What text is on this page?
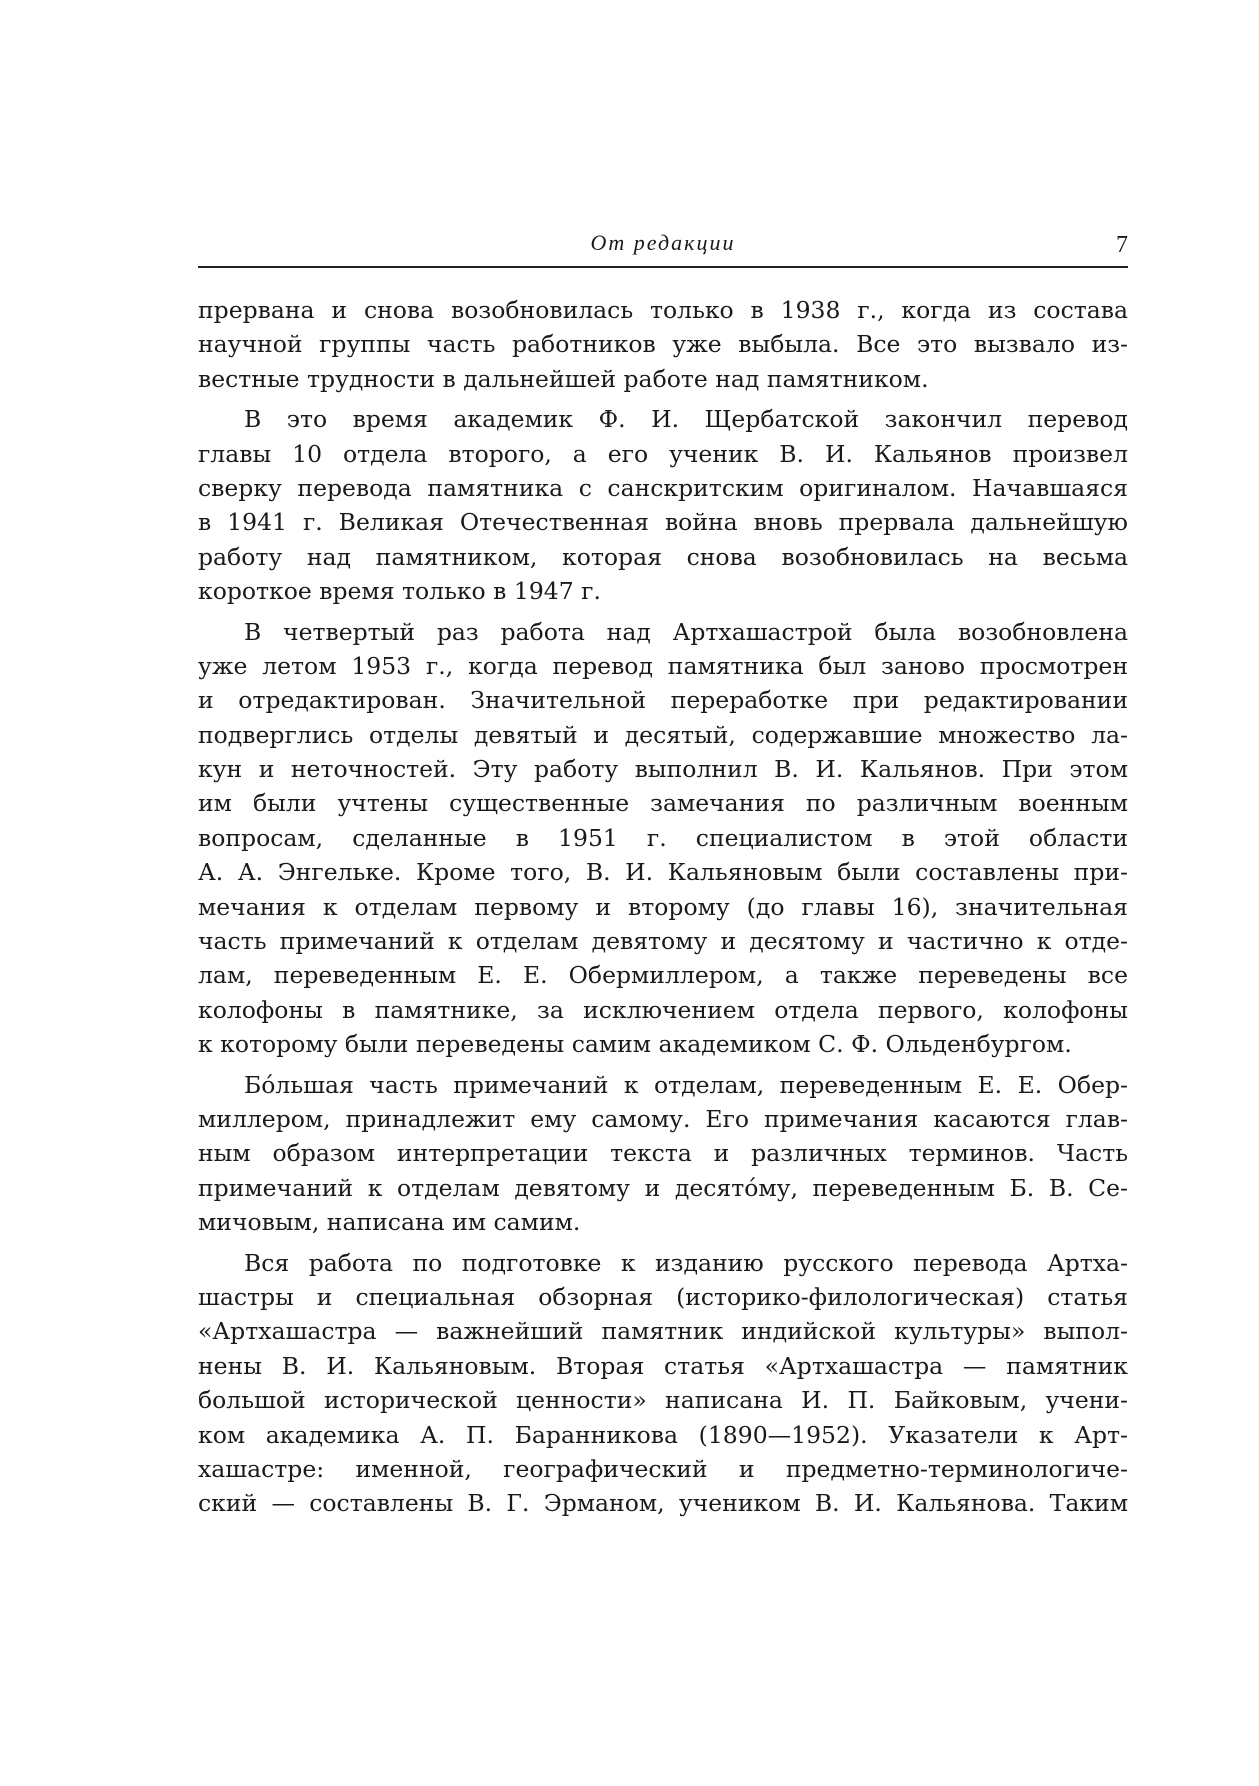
От редакции	7
прервана и снова возобновилась только в 1938 г., когда из состава
научной группы часть работников уже выбыла. Все это вызвало из-
вестные трудности в дальнейшей работе над памятником.
В это время академик Ф. И. Щербатской закончил перевод
главы 10 отдела второго, а его ученик В. И. Кальянов произвел
сверку перевода памятника с санскритским оригиналом. Начавшаяся
в 1941 г. Великая Отечественная война вновь прервала дальнейшую
работу над памятником, которая снова возобновилась на весьма
короткое время только в 1947 г.
В четвертый раз работа над Артхашастрой была возобновлена
уже летом 1953 г., когда перевод памятника был заново просмотрен
и отредактирован. Значительной переработке при редактировании
подверглись отделы девятый и десятый, содержавшие множество ла-
кун и неточностей. Эту работу выполнил В. И. Кальянов. При этом
им были учтены существенные замечания по различным военным
вопросам, сделанные в 1951 г. специалистом в этой области
А. А. Энгельке. Кроме того, В. И. Кальяновым были составлены при-
мечания к отделам первому и второму (до главы 16), значительная
часть примечаний к отделам девятому и десятому и частично к отде-
лам, переведенным Е. Е. Обермиллером, а также переведены все
колофоны в памятнике, за исключением отдела первого, колофоны
к которому были переведены самим академиком С. Ф. Ольденбургом.
Бóльшая часть примечаний к отделам, переведенным Е. Е. Обер-
миллером, принадлежит ему самому. Его примечания касаются глав-
ным образом интерпретации текста и различных терминов. Часть
примечаний к отделам девятому и десятóму, переведенным Б. В. Се-
мичовым, написана им самим.
Вся работа по подготовке к изданию русского перевода Артха-
шастры и специальная обзорная (историко-филологическая) статья
«Артхашастра — важнейший памятник индийской культуры» выпол-
нены В. И. Кальяновым. Вторая статья «Артхашастра — памятник
большой исторической ценности» написана И. П. Байковым, учени-
ком академика А. П. Баранникова (1890—1952). Указатели к Арт-
хашастре: именной, географический и предметно-терминологиче-
ский — составлены В. Г. Эрманом, учеником В. И. Кальянова. Таким
